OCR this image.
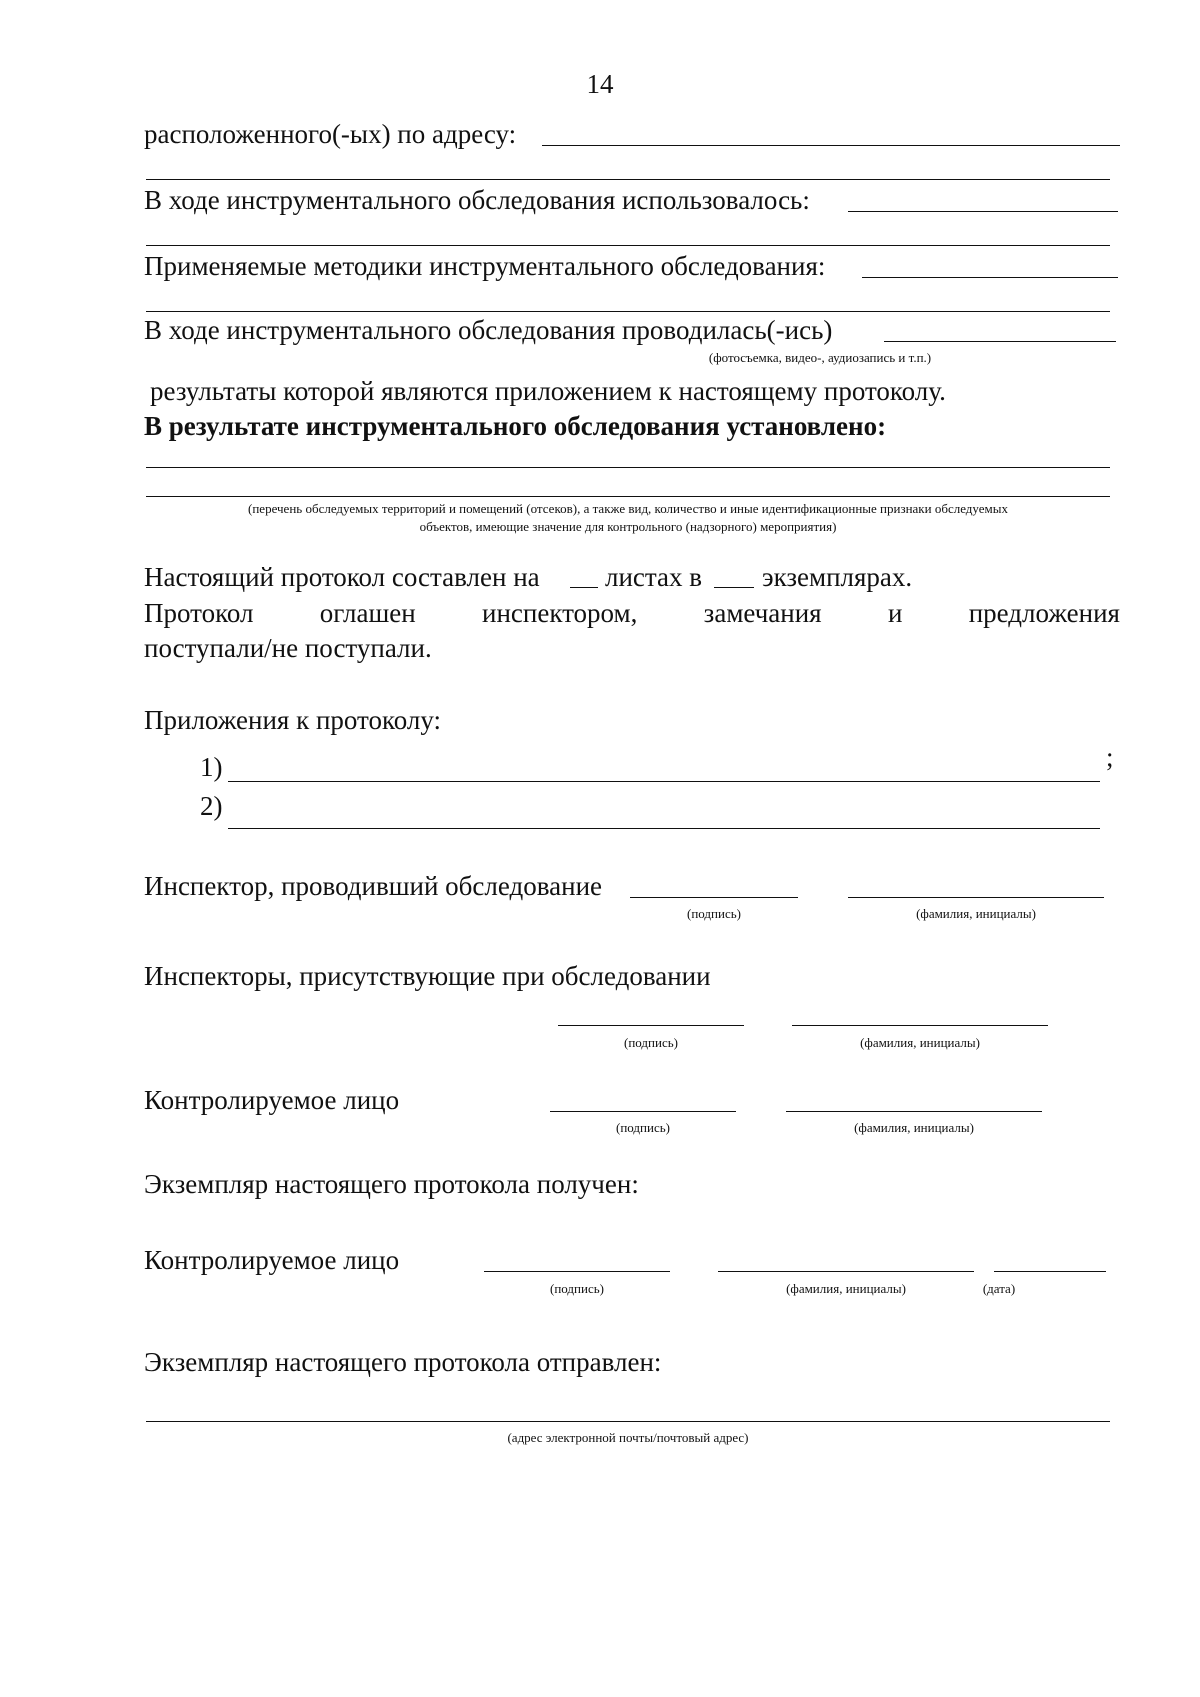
14
расположенного(-ых) по адресу:
В ходе инструментального обследования использовалось:
Применяемые методики инструментального обследования:
В ходе инструментального обследования проводилась(-ись)
(фотосъемка, видео-, аудиозапись и т.п.)
результаты которой являются приложением к настоящему протоколу.
В результате инструментального обследования установлено:
(перечень обследуемых территорий и помещений (отсеков), а также вид, количество и иные идентификационные признаки обследуемых
объектов, имеющие значение для контрольного (надзорного) мероприятия)
Настоящий протокол составлен на листах в экземплярах.
Протокол оглашен инспектором, замечания и предложения
поступали/не поступали.
Приложения к протоколу:
1)	;
2)
Инспектор, проводивший обследование
(подпись)	(фамилия, инициалы)
Инспекторы, присутствующие при обследовании
(подпись)	(фамилия, инициалы)
Контролируемое лицо
(подпись)	(фамилия, инициалы)
Экземпляр настоящего протокола получен:
Контролируемое лицо
(подпись)	(фамилия, инициалы)	(дата)
Экземпляр настоящего протокола отправлен:
(адрес электронной почты/почтовый адрес)
